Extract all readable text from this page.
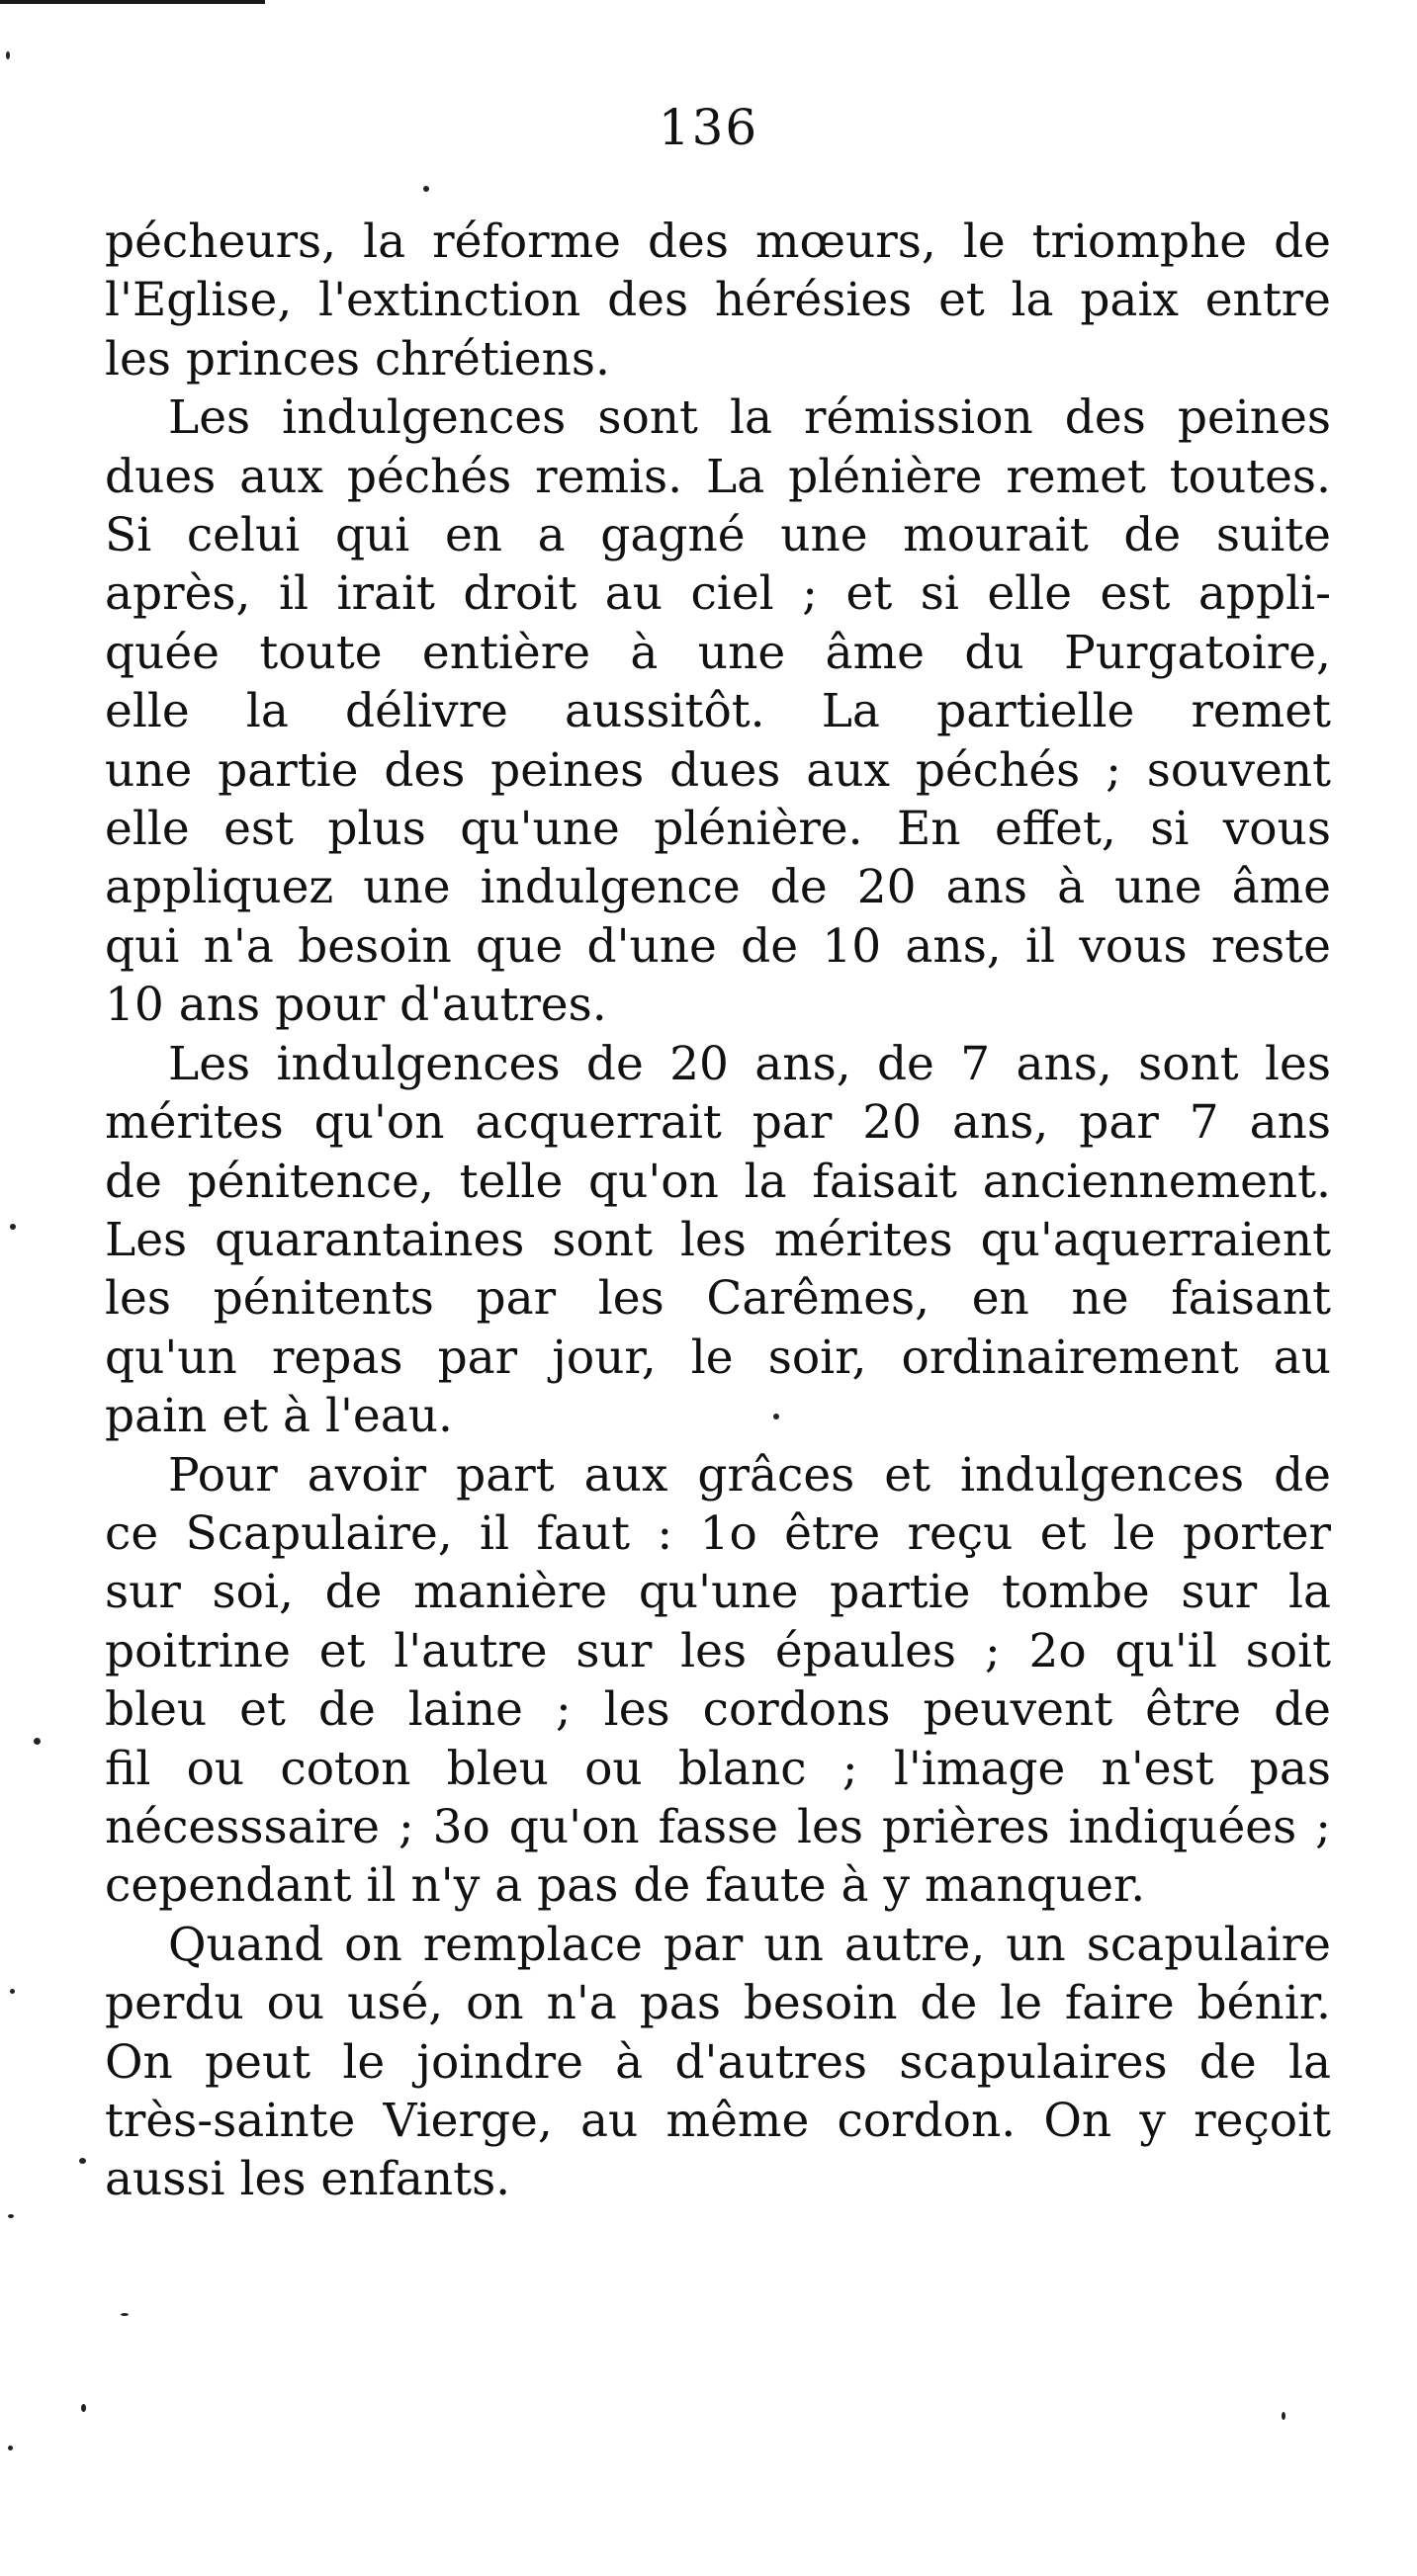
136
pécheurs, la réforme des mœurs, le triomphe de
l'Eglise, l'extinction des hérésies et la paix entre
les princes chrétiens.
Les indulgences sont la rémission des peines
dues aux péchés remis. La plénière remet toutes.
Si celui qui en a gagné une mourait de suite
après, il irait droit au ciel ; et si elle est appli-
quée toute entière à une âme du Purgatoire,
elle la délivre aussitôt. La partielle remet
une partie des peines dues aux péchés ; souvent
elle est plus qu'une plénière. En effet, si vous
appliquez une indulgence de 20 ans à une âme
qui n'a besoin que d'une de 10 ans, il vous reste
10 ans pour d'autres.
Les indulgences de 20 ans, de 7 ans, sont les
mérites qu'on acquerrait par 20 ans, par 7 ans
de pénitence, telle qu'on la faisait anciennement.
Les quarantaines sont les mérites qu'aquerraient
les pénitents par les Carêmes, en ne faisant
qu'un repas par jour, le soir, ordinairement au
pain et à l'eau.
Pour avoir part aux grâces et indulgences de
ce Scapulaire, il faut : 1o être reçu et le porter
sur soi, de manière qu'une partie tombe sur la
poitrine et l'autre sur les épaules ; 2o qu'il soit
bleu et de laine ; les cordons peuvent être de
fil ou coton bleu ou blanc ; l'image n'est pas
nécesssaire ; 3o qu'on fasse les prières indiquées ;
cependant il n'y a pas de faute à y manquer.
Quand on remplace par un autre, un scapulaire
perdu ou usé, on n'a pas besoin de le faire bénir.
On peut le joindre à d'autres scapulaires de la
très-sainte Vierge, au même cordon. On y reçoit
aussi les enfants.
